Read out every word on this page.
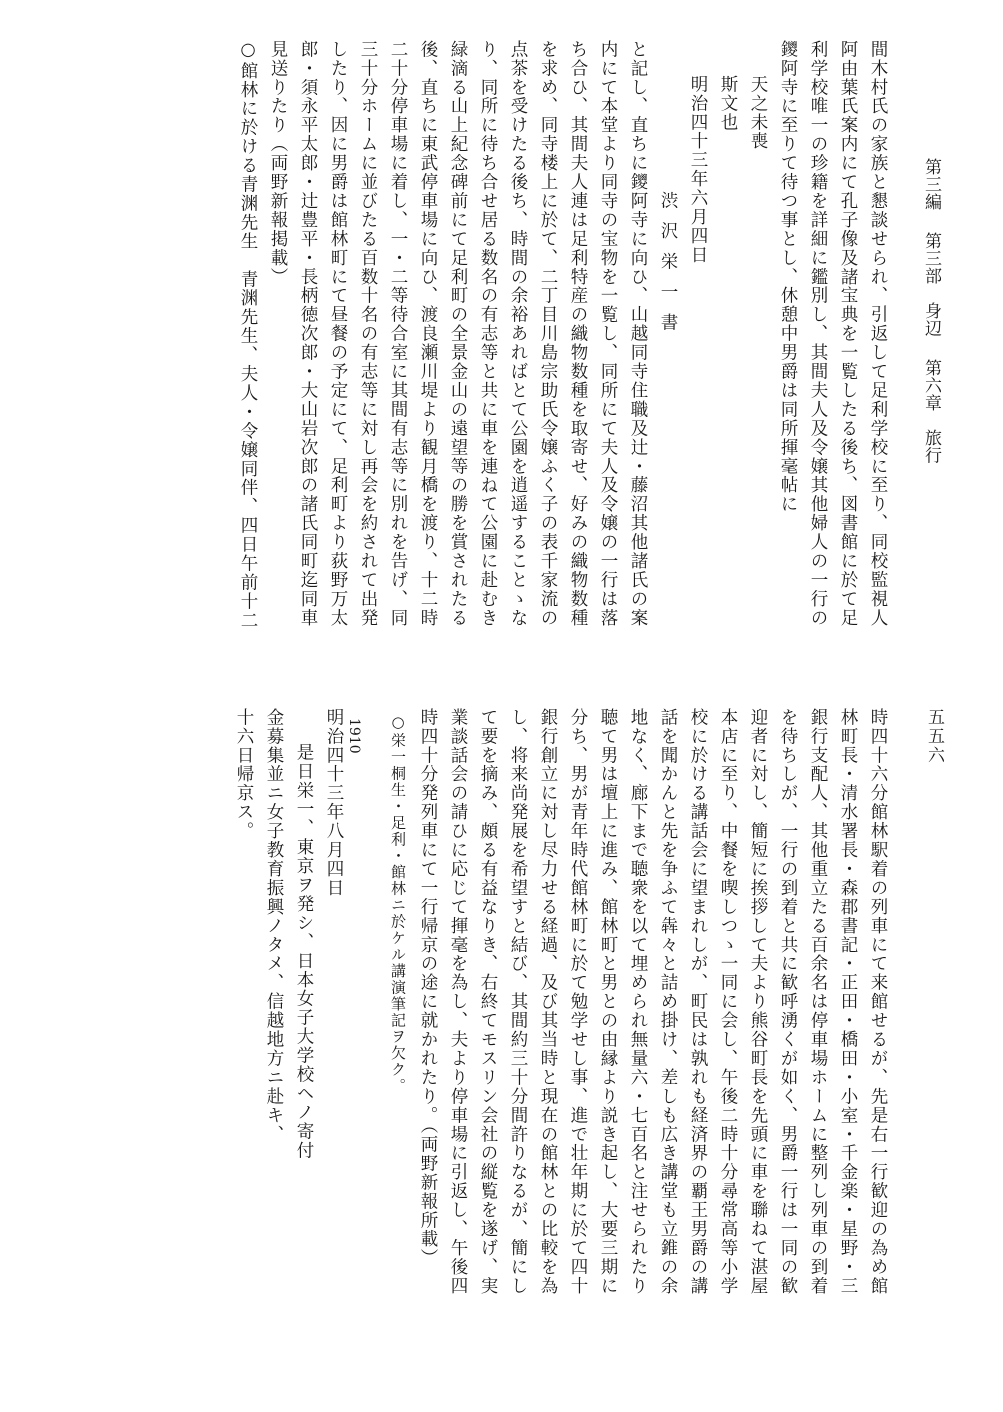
第三編 第三部　身辺 第六章　旅行
五五六
間木村氏の家族と懇談せられ、引返して足利学校に至り、同校監視人
阿由葉氏案内にて孔子像及諸宝典を一覧したる後ち、図書館に於て足
利学校唯一の珍籍を詳細に鑑別し、其間夫人及令嬢其他婦人の一行の
鑁阿寺に至りて待つ事とし、休憩中男爵は同所揮毫帖に
天之未喪
斯文也
明治四十三年六月四日
渋沢栄一書
と記し、直ちに鑁阿寺に向ひ、山越同寺住職及辻・藤沼其他諸氏の案
内にて本堂より同寺の宝物を一覧し、同所にて夫人及令嬢の一行は落
ち合ひ、其間夫人連は足利特産の織物数種を取寄せ、好みの織物数種
を求め、同寺楼上に於て、二丁目川島宗助氏令嬢ふく子の表千家流の
点茶を受けたる後ち、時間の余裕あればとて公園を逍遥することゝな
り、同所に待ち合せ居る数名の有志等と共に車を連ねて公園に赴むき
緑滴る山上紀念碑前にて足利町の全景金山の遠望等の勝を賞されたる
後、直ちに東武停車場に向ひ、渡良瀬川堤より観月橋を渡り、十二時
二十分停車場に着し、一・二等待合室に其間有志等に別れを告げ、同
三十分ホームに並びたる百数十名の有志等に対し再会を約されて出発
したり、因に男爵は館林町にて昼餐の予定にて、足利町より荻野万太
郎・須永平太郎・辻豊平・長柄徳次郎・大山岩次郎の諸氏同町迄同車
見送りたり（両野新報掲載）
○館林に於ける青渊先生　青渊先生、夫人・令嬢同伴、四日午前十二
時四十六分館林駅着の列車にて来館せるが、先是右一行歓迎の為め館
林町長・清水署長・森郡書記・正田・橋田・小室・千金楽・星野・三
銀行支配人、其他重立たる百余名は停車場ホームに整列し列車の到着
を待ちしが、一行の到着と共に歓呼湧くが如く、男爵一行は一同の歓
迎者に対し、簡短に挨拶して夫より熊谷町長を先頭に車を聯ねて湛屋
本店に至り、中餐を喫しつゝ一同に会し、午後二時十分尋常高等小学
校に於ける講話会に望まれしが、町民は孰れも経済界の覇王男爵の講
話を聞かんと先を争ふて犇々と詰め掛け、差しも広き講堂も立錐の余
地なく、廊下まで聴衆を以て埋められ無量六・七百名と注せられたり
聴て男は壇上に進み、館林町と男との由縁より説き起し、大要三期に
分ち、男が青年時代館林町に於て勉学せし事、進で壮年期に於て四十
銀行創立に対し尽力せる経過、及び其当時と現在の館林との比較を為
し、将来尚発展を希望すと結び、其間約三十分間許りなるが、簡にし
て要を摘み、頗る有益なりき、右終てモスリン会社の縦覧を遂げ、実
業談話会の請ひに応じて揮毫を為し、夫より停車場に引返し、午後四
時四十分発列車にて一行帰京の途に就かれたり。（両野新報所載）
○栄一桐生・足利・館林ニ於ケル講演筆記ヲ欠ク。
1910
明治四十三年八月四日
是日栄一、東京ヲ発シ、日本女子大学校ヘノ寄付
金募集並ニ女子教育振興ノタメ、信越地方ニ赴キ、
十六日帰京ス。
